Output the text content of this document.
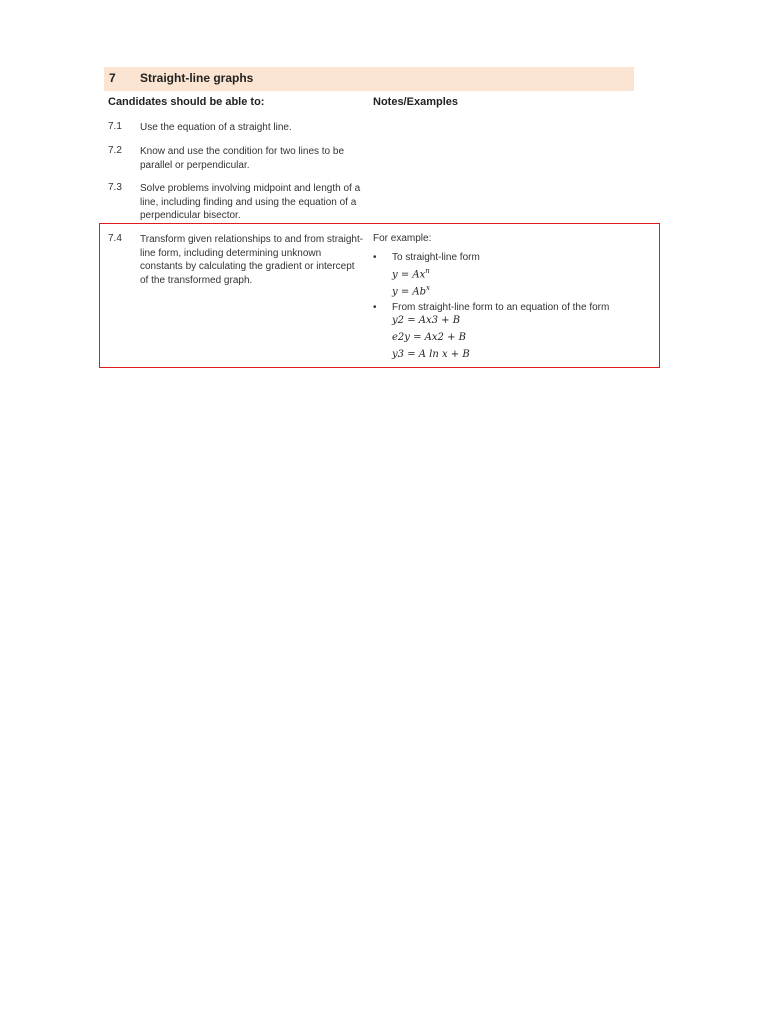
7 Straight-line graphs
Candidates should be able to:	Notes/Examples
7.1 Use the equation of a straight line.
7.2 Know and use the condition for two lines to be parallel or perpendicular.
7.3 Solve problems involving midpoint and length of a line, including finding and using the equation of a perpendicular bisector.
7.4 Transform given relationships to and from straight-line form, including determining unknown constants by calculating the gradient or intercept of the transformed graph.
For example:
• To straight-line form
$y = Ax^n$
$y = Ab^x$
• From straight-line form to an equation of the form
y2 = Ax3 + B
e2y = Ax2 + B
y3 = A ln x + B
